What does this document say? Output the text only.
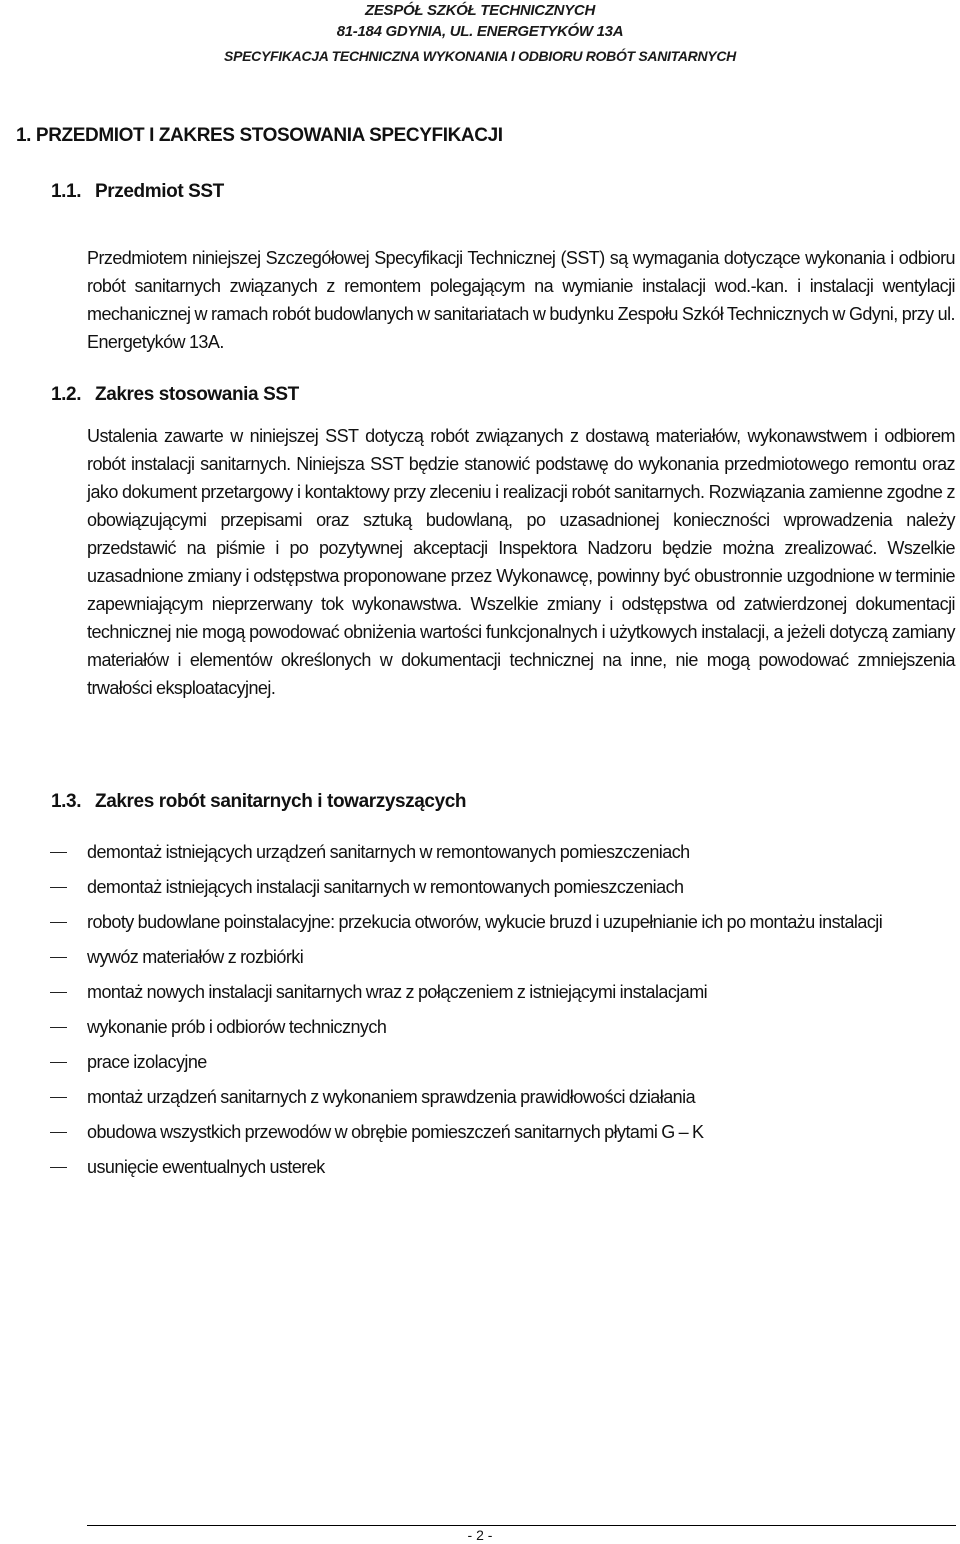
ZESPÓŁ SZKÓŁ TECHNICZNYCH
81-184 GDYNIA, UL. ENERGETYKÓW 13A
SPECYFIKACJA TECHNICZNA WYKONANIA I ODBIORU ROBÓT SANITARNYCH
1. PRZEDMIOT I ZAKRES STOSOWANIA SPECYFIKACJI
1.1. Przedmiot SST
Przedmiotem niniejszej Szczegółowej Specyfikacji Technicznej (SST) są wymagania dotyczące wykonania i odbioru robót sanitarnych związanych z remontem polegającym na wymianie instalacji wod.-kan. i instalacji wentylacji mechanicznej w ramach robót budowlanych w sanitariatach w budynku Zespołu Szkół Technicznych w Gdyni, przy ul. Energetyków 13A.
1.2. Zakres stosowania SST
Ustalenia zawarte w niniejszej SST dotyczą robót związanych z dostawą materiałów, wykonawstwem i odbiorem robót instalacji sanitarnych. Niniejsza SST będzie stanowić podstawę do wykonania przedmiotowego remontu oraz jako dokument przetargowy i kontaktowy przy zleceniu i realizacji robót sanitarnych. Rozwiązania zamienne zgodne z obowiązującymi przepisami oraz sztuką budowlaną, po uzasadnionej konieczności wprowadzenia należy przedstawić na piśmie i po pozytywnej akceptacji Inspektora Nadzoru będzie można zrealizować. Wszelkie uzasadnione zmiany i odstępstwa proponowane przez Wykonawcę, powinny być obustronnie uzgodnione w terminie zapewniającym nieprzerwany tok wykonawstwa. Wszelkie zmiany i odstępstwa od zatwierdzonej dokumentacji technicznej nie mogą powodować obniżenia wartości funkcjonalnych i użytkowych instalacji, a jeżeli dotyczą zamiany materiałów i elementów określonych w dokumentacji technicznej na inne, nie mogą powodować zmniejszenia trwałości eksploatacyjnej.
1.3. Zakres robót sanitarnych i towarzyszących
demontaż istniejących urządzeń sanitarnych w remontowanych pomieszczeniach
demontaż istniejących instalacji sanitarnych w remontowanych pomieszczeniach
roboty budowlane poinstalacyjne: przekucia otworów, wykucie bruzd i uzupełnianie ich po montażu instalacji
wywóz materiałów z rozbiórki
montaż nowych instalacji sanitarnych wraz z połączeniem z istniejącymi instalacjami
wykonanie prób i odbiorów technicznych
prace izolacyjne
montaż urządzeń sanitarnych z wykonaniem sprawdzenia prawidłowości działania
obudowa wszystkich przewodów w obrębie pomieszczeń sanitarnych płytami G – K
usunięcie ewentualnych usterek
- 2 -
